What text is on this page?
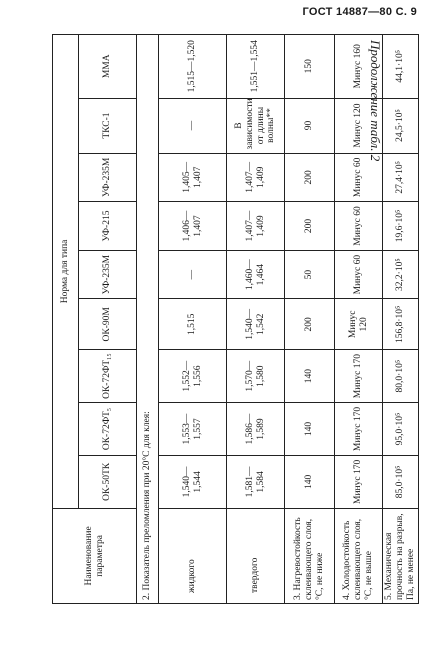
ГОСТ 14887—80 С. 9
Продолжение табл. 2
Наименование параметра	Норма для типа								
	ОК-50ТК	ОК-72ФТ₅	ОК-72ФТ₁₅	ОК-90М	УФ-235М	УФ-215	УФ-235М	ТКС-1	ММА
2. Показатель преломления при 20°С для клея:									
жидкого	1,540— 1,544	1,553— 1,557	1,552— 1,556	1,515	—	1,406— 1,407	1,405— 1,407	—	1,515—1,520

твердого	1,581— 1,584	1,586— 1,589	1,570— 1,580	1,540— 1,542	1,460— 1,464	1,407— 1,409	1,407— 1,409	В зависимости от длины волны**	1,551—1,554

3. Нагревостойкость склеивающего слоя, °С, не ниже	140	140	140	200	50	200	200	90	150
4. Холодостойкость склеивающего слоя, °С, не выше	Минус 170	Минус 170	Минус 170	Минус 120	Минус 60	Минус 60	Минус 60	Минус 120	Минус 160
5. Механическая прочность на разрыв, Па, не менее	85,0·10⁵	95,0·10⁵	80,0·10⁵	156,8·10⁵	32,2·10⁵	19,6·10⁵	27,4·10⁵	24,5·10⁵	44,1·10⁵
